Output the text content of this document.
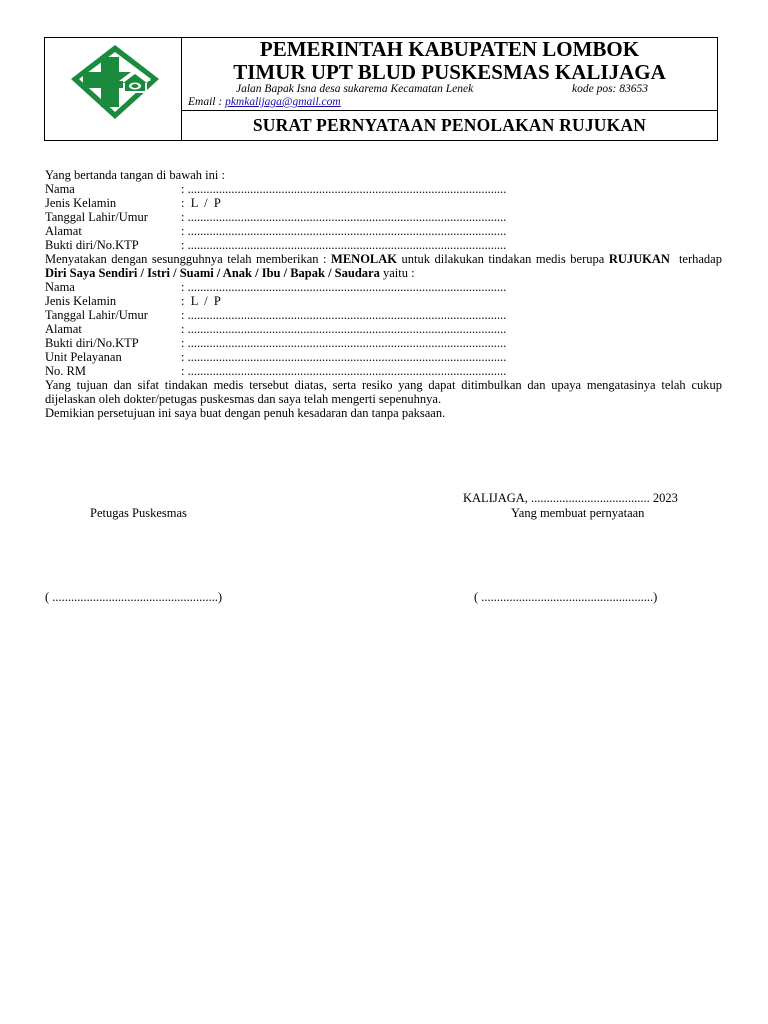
PEMERINTAH KABUPATEN LOMBOK
TIMUR UPT BLUD PUSKESMAS KALIJAGA
Jalan Bapak Isna desa sukarema Kecamatan Lenek	kode pos: 83653
Email : pkmkalijaga@gmail.com
SURAT PERNYATAAN PENOLAKAN RUJUKAN
Yang bertanda tangan di bawah ini :
Nama	: ......................................................................................................
Jenis Kelamin	:  L  /  P
Tanggal Lahir/Umur	: ......................................................................................................
Alamat	: ......................................................................................................
Bukti diri/No.KTP	: ......................................................................................................
Menyatakan dengan sesungguhnya telah memberikan : MENOLAK untuk dilakukan tindakan medis berupa RUJUKAN  terhadap Diri Saya Sendiri / Istri / Suami / Anak / Ibu / Bapak / Saudara yaitu :
Nama	: ......................................................................................................
Jenis Kelamin	:  L  /  P
Tanggal Lahir/Umur	: ......................................................................................................
Alamat	: ......................................................................................................
Bukti diri/No.KTP	: ......................................................................................................
Unit Pelayanan	: ......................................................................................................
No. RM	: ......................................................................................................
Yang tujuan dan sifat tindakan medis tersebut diatas, serta resiko yang dapat ditimbulkan dan upaya mengatasinya telah cukup dijelaskan oleh dokter/petugas puskesmas dan saya telah mengerti sepenuhnya.
Demikian persetujuan ini saya buat dengan penuh kesadaran dan tanpa paksaan.
KALIJAGA, ...................................... 2023
Petugas Puskesmas	Yang membuat pernyataan
( .....................................................)	( .......................................................)
